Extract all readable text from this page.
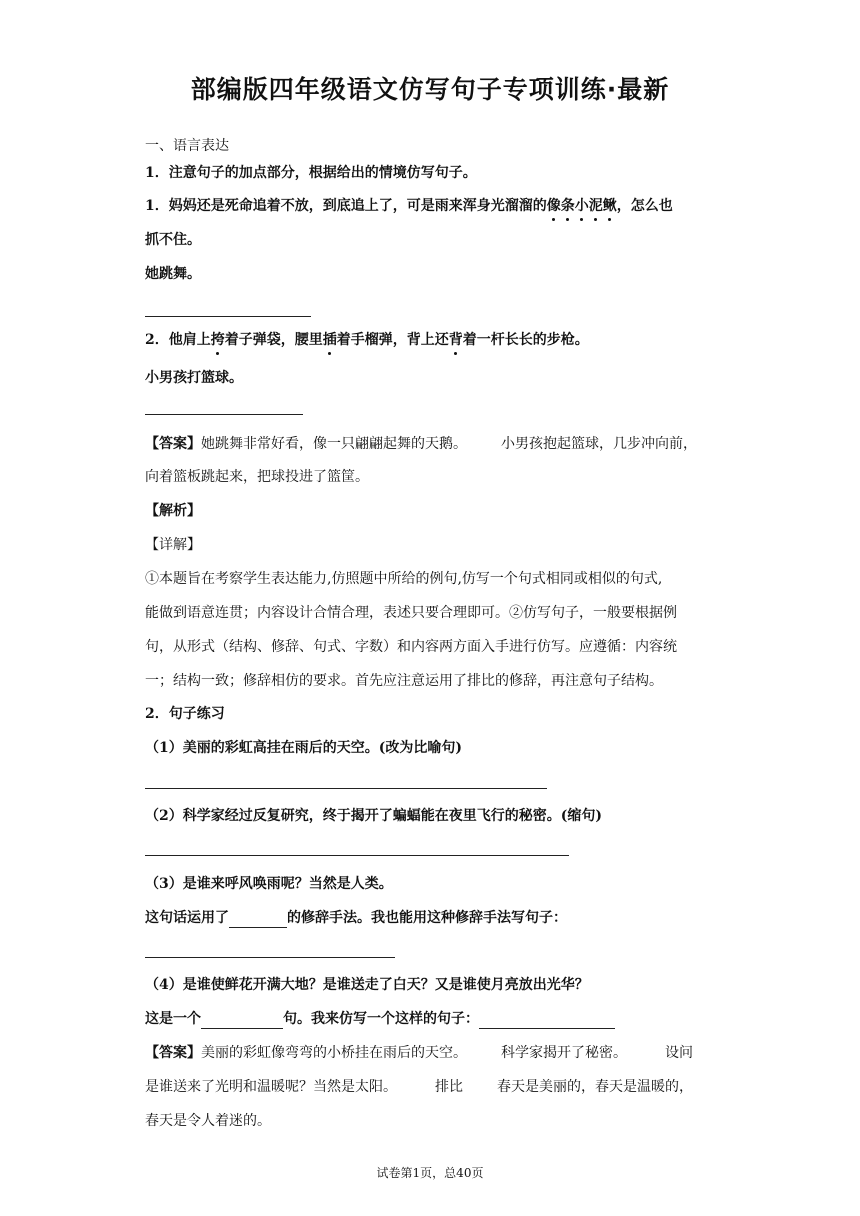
部编版四年级语文仿写句子专项训练·最新
一、语言表达
1．注意句子的加点部分，根据给出的情境仿写句子。
1．妈妈还是死命追着不放，到底追上了，可是雨来浑身光溜溜的像条小泥鳅，怎么也
抓不住。
她跳舞。
2．他肩上挎着子弹袋，腰里插着手榴弹，背上还背着一杆长长的步枪。
小男孩打篮球。
【答案】她跳舞非常好看，像一只翩翩起舞的天鹅。 小男孩抱起篮球，几步冲向前，
向着篮板跳起来，把球投进了篮筐。
【解析】
【详解】
①本题旨在考察学生表达能力,仿照题中所给的例句,仿写一个句式相同或相似的句式,
能做到语意连贯；内容设计合情合理，表述只要合理即可。②仿写句子，一般要根据例
句，从形式（结构、修辞、句式、字数）和内容两方面入手进行仿写。应遵循：内容统
一；结构一致；修辞相仿的要求。首先应注意运用了排比的修辞，再注意句子结构。
2．句子练习
（1）美丽的彩虹高挂在雨后的天空。(改为比喻句)
（2）科学家经过反复研究，终于揭开了蝙蝠能在夜里飞行的秘密。(缩句)
（3）是谁来呼风唤雨呢？当然是人类。
这句话运用了	的修辞手法。我也能用这种修辞手法写句子：
（4）是谁使鲜花开满大地？是谁送走了白天？又是谁使月亮放出光华？
这是一个	句。我来仿写一个这样的句子：
【答案】美丽的彩虹像弯弯的小桥挂在雨后的天空。 科学家揭开了秘密。	设问
是谁送来了光明和温暖呢？当然是太阳。	排比 春天是美丽的，春天是温暖的，
春天是令人着迷的。
试卷第1页，总40页
